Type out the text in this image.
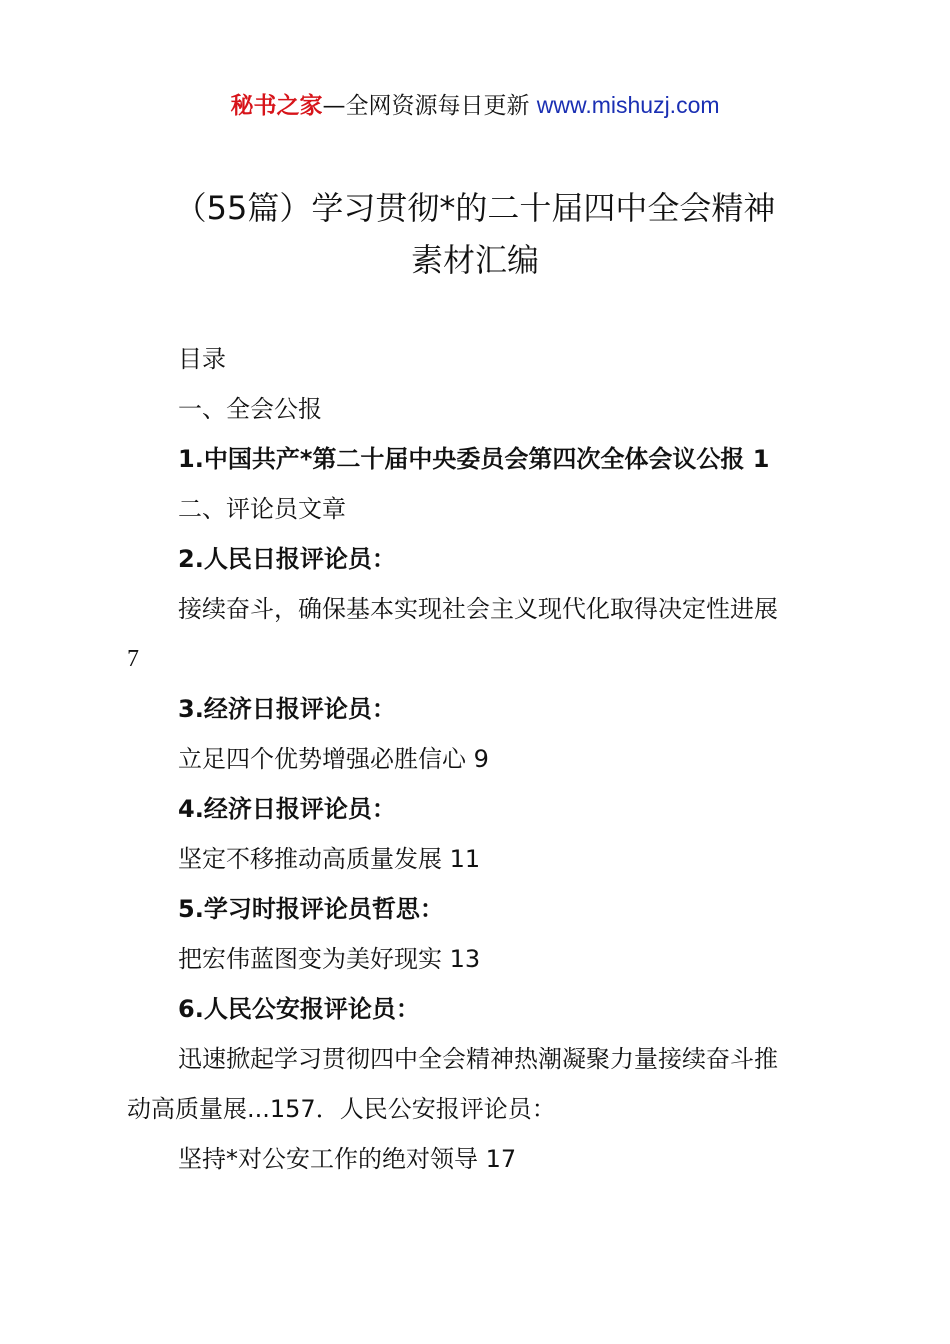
秘书之家—全网资源每日更新 www.mishuzj.com
（55篇）学习贯彻*的二十届四中全会精神
素材汇编
目录
一、全会公报
1.中国共产*第二十届中央委员会第四次全体会议公报 1
二、评论员文章
2.人民日报评论员：
接续奋斗，确保基本实现社会主义现代化取得决定性进展
7
3.经济日报评论员：
立足四个优势增强必胜信心 9
4.经济日报评论员：
坚定不移推动高质量发展 11
5.学习时报评论员哲思：
把宏伟蓝图变为美好现实 13
6.人民公安报评论员：
迅速掀起学习贯彻四中全会精神热潮凝聚力量接续奋斗推
动高质量展...157．人民公安报评论员：
坚持*对公安工作的绝对领导 17
